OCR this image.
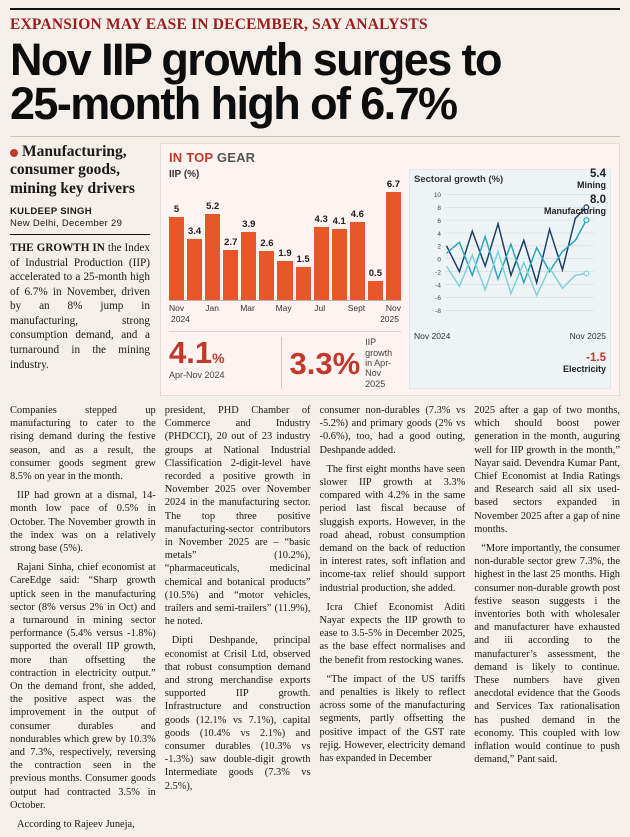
EXPANSION MAY EASE IN DECEMBER, SAY ANALYSTS
Nov IIP growth surges to
25-month high of 6.7%
Manufacturing, consumer goods, mining key drivers
KULDEEP SINGH
New Delhi, December 29
THE GROWTH IN the Index of Industrial Production (IIP) accelerated to a 25-month high of 6.7% in November, driven by an 8% jump in manufacturing, strong consumption demand, and a turnaround in the mining industry.
IN TOP GEAR
IIP (%)
5
3.4
5.2
2.7
3.9
2.6
1.9
1.5
4.3 4.1
4.6
0.5
6.7
Nov Jan Mar May	Jul	Sept Nov
2024	2025
4.1%
Apr-Nov 2024	3.3%
IIP growth in Apr-Nov 2025
Sectoral growth (%)
10
8
6
4
2
0
-2
-4
-6
-8
Nov 2024	Nov 2025
5.4
Mining
8.0
Manufacturing
-1.5
Electricity

Companies stepped up manufacturing to cater to the rising demand during the festive season, and as a result, the consumer goods segment grew 8.5% on year in the month.

IIP had grown at a dismal, 14-month low pace of 0.5% in October. The November growth in the index was on a relatively strong base (5%).

Rajani Sinha, chief economist at CareEdge said: “Sharp growth uptick seen in the manufacturing sector (8% versus 2% in Oct) and a turnaround in mining sector performance (5.4% versus -1.8%) supported the overall IIP growth, more than offsetting the contraction in electricity output.” On the demand front, she added, the positive aspect was the improvement in the output of consumer durables and nondurables which grew by 10.3% and 7.3%, respectively, reversing the contraction seen in the previous months. Consumer goods output had contracted 3.5% in October.

According to Rajeev Juneja,

president, PHD Chamber of Commerce and Industry (PHDCCI), 20 out of 23 industry groups at National Industrial Classification 2-digit-level have recorded a positive growth in November 2025 over November 2024 in the manufacturing sector. The top three positive manufacturing-sector contributors in November 2025 are – “basic metals” (10.2%), “pharmaceuticals, medicinal chemical and botanical products” (10.5%) and “motor vehicles, trailers and semi-trailers” (11.9%), he noted.

Dipti Deshpande, principal economist at Crisil Ltd, observed that robust consumption demand and strong merchandise exports supported IIP growth. Infrastructure and construction goods (12.1% vs 7.1%), capital goods (10.4% vs 2.1%) and consumer durables (10.3% vs -1.3%) saw double-digit growth Intermediate goods (7.3% vs 2.5%),

consumer non-durables (7.3% vs -5.2%) and primary goods (2% vs -0.6%), too, had a good outing, Deshpande added.

The first eight months have seen slower IIP growth at 3.3% compared with 4.2% in the same period last fiscal because of sluggish exports. However, in the road ahead, robust consumption demand on the back of reduction in interest rates, soft inflation and income-tax relief should support industrial production, she added.

Icra Chief Economist Aditi Nayar expects the IIP growth to ease to 3.5-5% in December 2025, as the base effect normalises and the benefit from restocking wanes.

“The impact of the US tariffs and penalties is likely to reflect across some of the manufacturing segments, partly offsetting the positive impact of the GST rate rejig. However, electricity demand has expanded in December

2025 after a gap of two months, which should boost power generation in the month, auguring well for IIP growth in the month,” Nayar said. Devendra Kumar Pant, Chief Economist at India Ratings and Research said all six used-based sectors expanded in November 2025 after a gap of nine months.

“More importantly, the consumer non-durable sector grew 7.3%, the highest in the last 25 months. High consumer non-durable growth post festive season suggests i the inventories both with wholesaler and manufacturer have exhausted and iii according to the manufacturer’s assessment, the demand is likely to continue. These numbers have given anecdotal evidence that the Goods and Services Tax rationalisation has pushed demand in the economy. This coupled with low inflation would continue to push demand,” Pant said.
